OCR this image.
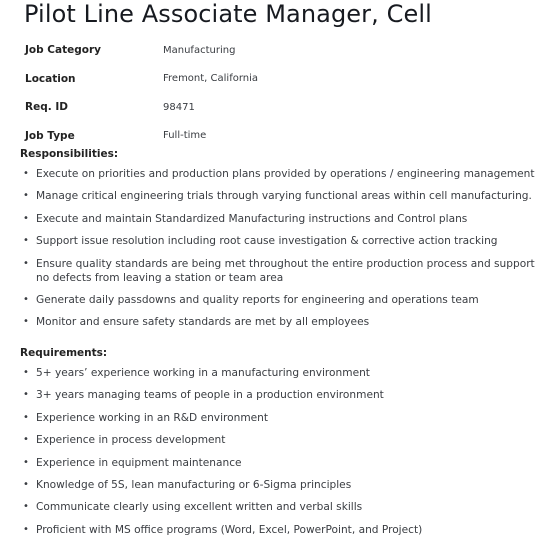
Pilot Line Associate Manager, Cell
Job Category	Manufacturing
Location	Fremont, California
Req. ID	98471
Job Type	Full-time
Responsibilities:
• Execute on priorities and production plans provided by operations / engineering management
• Manage critical engineering trials through varying functional areas within cell manufacturing.
• Execute and maintain Standardized Manufacturing instructions and Control plans
• Support issue resolution including root cause investigation & corrective action tracking
• Ensure quality standards are being met throughout the entire production process and support no defects from leaving a station or team area
• Generate daily passdowns and quality reports for engineering and operations team
• Monitor and ensure safety standards are met by all employees
Requirements:
• 5+ years’ experience working in a manufacturing environment
• 3+ years managing teams of people in a production environment
• Experience working in an R&D environment
• Experience in process development
• Experience in equipment maintenance
• Knowledge of 5S, lean manufacturing or 6-Sigma principles
• Communicate clearly using excellent written and verbal skills
• Proficient with MS office programs (Word, Excel, PowerPoint, and Project)
